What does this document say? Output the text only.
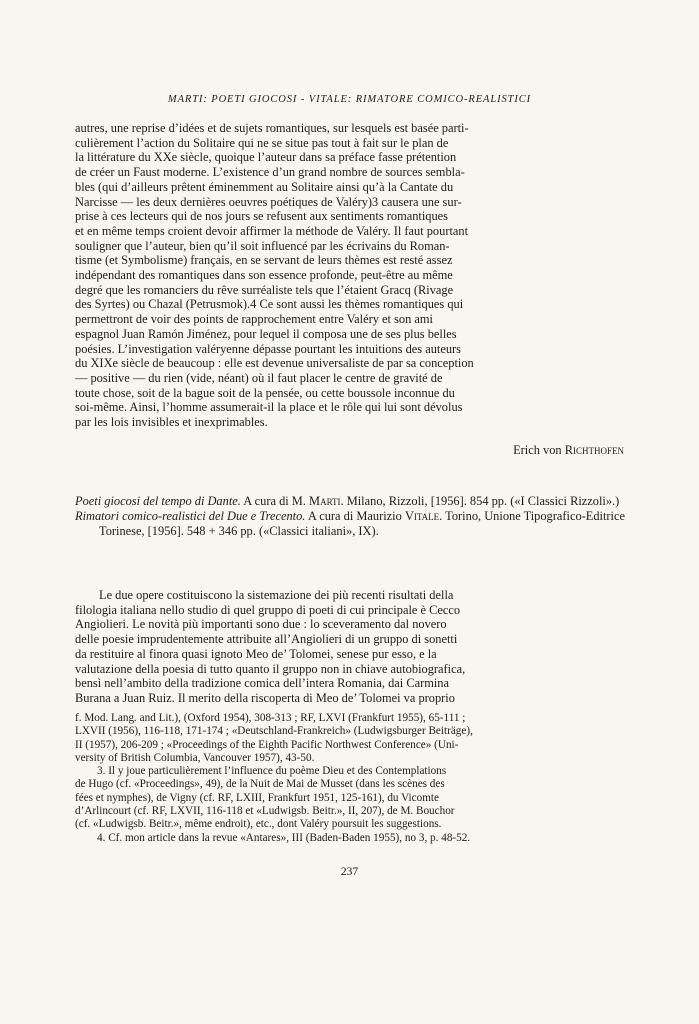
MARTI: POETI GIOCOSI - VITALE: RIMATORE COMICO-REALISTICI

autres, une reprise d’idées et de sujets romantiques, sur lesquels est basée parti-

culièrement l’action du Solitaire qui ne se situe pas tout à fait sur le plan de

la littérature du XXe siècle, quoique l’auteur dans sa préface fasse prétention

de créer un Faust moderne. L’existence d’un grand nombre de sources sembla-

bles (qui d’ailleurs prêtent éminemment au Solitaire ainsi qu’à la Cantate du

Narcisse — les deux dernières oeuvres poétiques de Valéry)3 causera une sur-

prise à ces lecteurs qui de nos jours se refusent aux sentiments romantiques

et en même temps croient devoir affirmer la méthode de Valéry. Il faut pourtant

souligner que l’auteur, bien qu’il soit influencé par les écrivains du Roman-

tisme (et Symbolisme) français, en se servant de leurs thèmes est resté assez

indépendant des romantiques dans son essence profonde, peut-être au même

degré que les romanciers du rêve surréaliste tels que l’étaient Gracq (Rivage

des Syrtes) ou Chazal (Petrusmok).4 Ce sont aussi les thèmes romantiques qui

permettront de voir des points de rapprochement entre Valéry et son ami

espagnol Juan Ramón Jiménez, pour lequel il composa une de ses plus belles

poésies. L’investigation valéryenne dépasse pourtant les intuitions des auteurs

du XIXe siècle de beaucoup : elle est devenue universaliste de par sa conception

— positive — du rien (vide, néant) où il faut placer le centre de gravité de

toute chose, soit de la bague soit de la pensée, ou cette boussole inconnue du

soi-même. Ainsi, l’homme assumerait-il la place et le rôle qui lui sont dévolus

par les lois invisibles et inexprimables.

Erich von Richthofen

Poeti giocosi del tempo di Dante. A cura di M. Marti. Milano, Rizzoli, [1956]. 854 pp. («I Classici Rizzoli».)

Rimatori comico-realistici del Due e Trecento. A cura di Maurizio Vitale. Torino, Unione Tipografico-Editrice Torinese, [1956]. 548 + 346 pp. («Classici italiani», IX).

Le due opere costituiscono la sistemazione dei più recenti risultati della

filologia italiana nello studio di quel gruppo di poeti di cui principale è Cecco

Angiolieri. Le novità più importanti sono due : lo sceveramento dal novero

delle poesie imprudentemente attribuite all’Angiolieri di un gruppo di sonetti

da restituire al finora quasi ignoto Meo de’ Tolomei, senese pur esso, e la

valutazione della poesia di tutto quanto il gruppo non in chiave autobiografica,

bensì nell’ambito della tradizione comica dell’intera Romania, dai Carmina

Burana a Juan Ruiz. Il merito della riscoperta di Meo de’ Tolomei va proprio

f. Mod. Lang. and Lit.), (Oxford 1954), 308-313 ; RF, LXVI (Frankfurt 1955), 65-111 ;

LXVII (1956), 116-118, 171-174 ; «Deutschland-Frankreich» (Ludwigsburger Beiträge),

II (1957), 206-209 ; «Proceedings of the Eighth Pacific Northwest Conference» (Uni-

versity of British Columbia, Vancouver 1957), 43-50.

3. Il y joue particulièrement l’influence du poème Dieu et des Contemplations

de Hugo (cf. «Proceedings», 49), de la Nuit de Mai de Musset (dans les scènes des

fées et nymphes), de Vigny (cf. RF, LXIII, Frankfurt 1951, 125-161), du Vicomte

d’Arlincourt (cf. RF, LXVII, 116-118 et «Ludwigsb. Beitr.», II, 207), de M. Bouchor

(cf. «Ludwigsb. Beitr.», même endroit), etc., dont Valéry poursuit les suggestions.

4. Cf. mon article dans la revue «Antares», III (Baden-Baden 1955), no 3, p. 48-52.

237
